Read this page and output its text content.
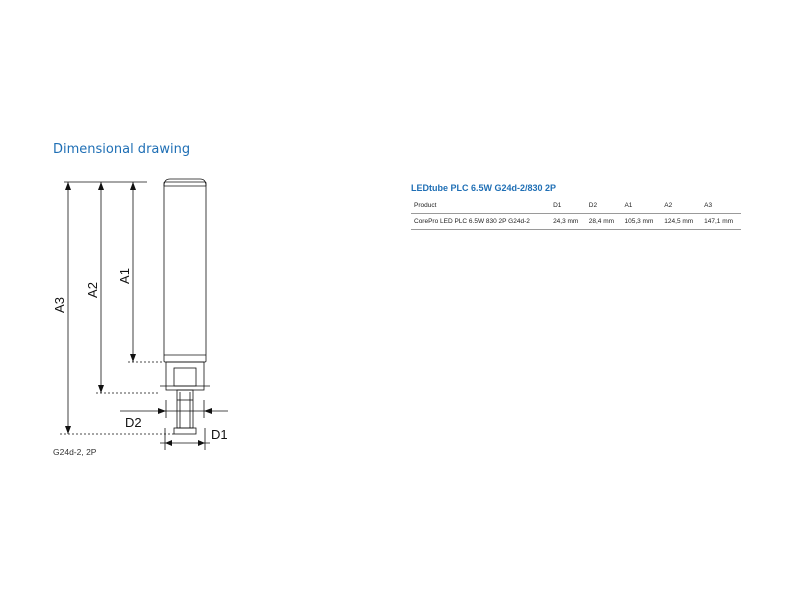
Dimensional drawing
A3
A2
A1
D2
D1
G24d-2, 2P
LEDtube PLC 6.5W G24d-2/830 2P
Product	D1	D2	A1	A2	A3
CorePro LED PLC 6.5W 830 2P G24d-2	24,3 mm	28,4 mm	105,3 mm	124,5 mm	147,1 mm
